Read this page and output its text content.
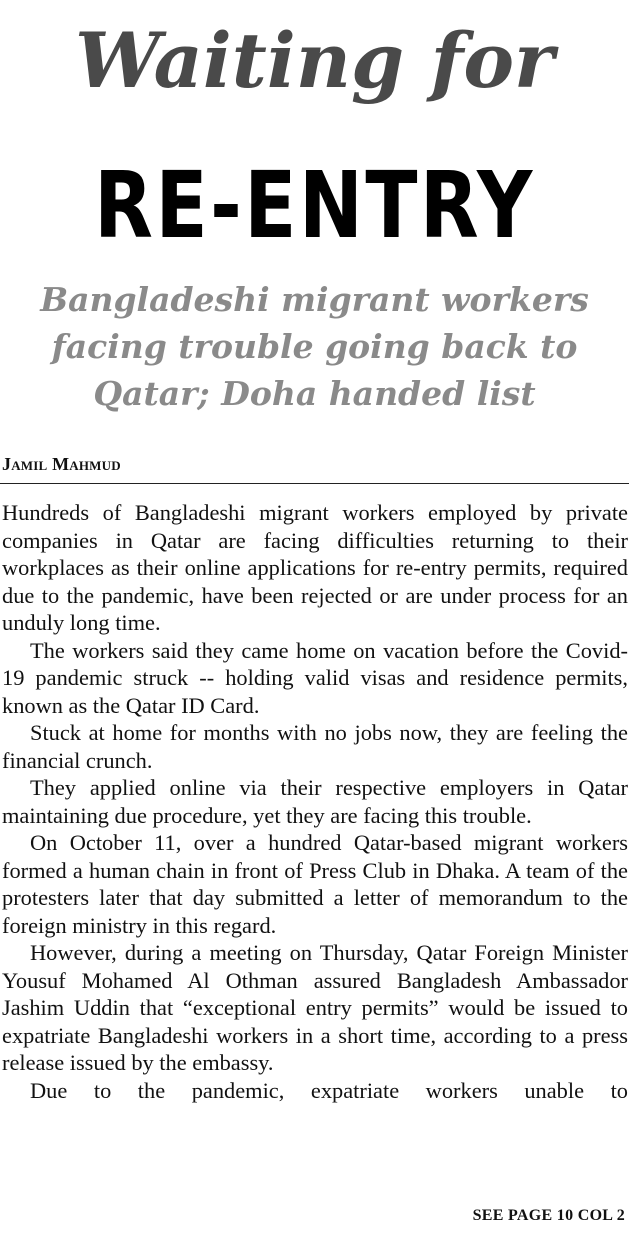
Waiting for
RE-ENTRY
Bangladeshi migrant workers
facing trouble going back to
Qatar; Doha handed list
Jamil Mahmud

Hundreds of Bangladeshi migrant workers employed by private companies in Qatar are facing difficulties returning to their workplaces as their online applications for re-entry permits, required due to the pandemic, have been rejected or are under process for an unduly long time.

The workers said they came home on vacation before the Covid-19 pandemic struck -- holding valid visas and residence permits, known as the Qatar ID Card.

Stuck at home for months with no jobs now, they are feeling the financial crunch.

They applied online via their respective employers in Qatar maintaining due procedure, yet they are facing this trouble.

On October 11, over a hundred Qatar-based migrant workers formed a human chain in front of Press Club in Dhaka. A team of the protesters later that day submitted a letter of memorandum to the foreign ministry in this regard.

However, during a meeting on Thursday, Qatar Foreign Minister Yousuf Mohamed Al Othman assured Bangladesh Ambassador Jashim Uddin that “exceptional entry permits” would be issued to expatriate Bangladeshi workers in a short time, according to a press release issued by the embassy.

Due to the pandemic, expatriate workers unable to

SEE PAGE 10 COL 2
